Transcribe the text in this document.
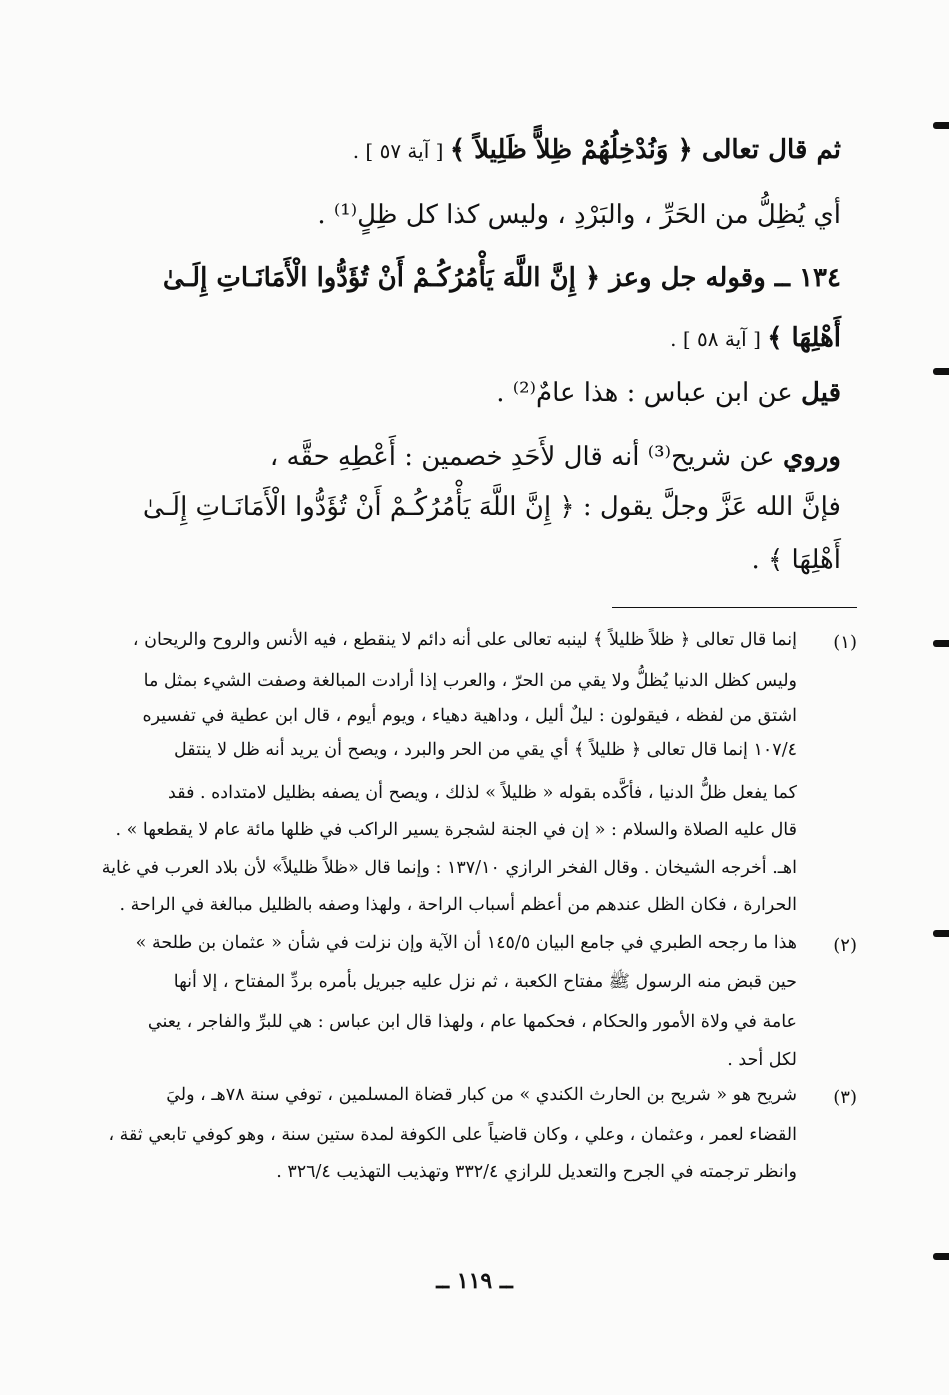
ثم قال تعالى ﴿ وَنُدْخِلُهُمْ ظِلاًّ ظَلِيلاً ﴾ [ آية ٥٧ ] .
أي يُظِلُّ من الحَرِّ ، والبَرْدِ ، وليس كذا كل ظِلٍ⁽¹⁾ .
١٣٤ ــ وقوله جل وعز ﴿ إِنَّ اللَّهَ يَأْمُرُكُـمْ أَنْ تُؤَدُّوا الْأَمَانَـاتِ إِلَـىٰ
أَهْلِهَا ﴾ [ آية ٥٨ ] .
قيل عن ابن عباس : هذا عامٌ⁽²⁾ .
وروي عن شريح⁽³⁾ أنه قال لأَحَدِ خصمين : أَعْطِهِ حقَّه ،
فإنَّ الله عَزَّ وجلَّ يقول : ﴿ إِنَّ اللَّهَ يَأْمُرُكُـمْ أَنْ تُؤَدُّوا الْأَمَانَـاتِ إِلَـىٰ
أَهْلِهَا ﴾ .
(١)
إنما قال تعالى ﴿ ظلاً ظليلاً ﴾ لينبه تعالى على أنه دائم لا ينقطع ، فيه الأنس والروح والريحان ،
وليس كظل الدنيا يُظلُّ ولا يقي من الحرّ ، والعرب إذا أرادت المبالغة وصفت الشيء بمثل ما
اشتق من لفظه ، فيقولون : ليلٌ أليل ، وداهية دهياء ، ويوم أيوم ، قال ابن عطية في تفسيره
١٠٧/٤ إنما قال تعالى ﴿ ظليلاً ﴾ أي يقي من الحر والبرد ، ويصح أن يريد أنه ظل لا ينتقل
كما يفعل ظلُّ الدنيا ، فأكَّده بقوله « ظليلاً » لذلك ، ويصح أن يصفه بظليل لامتداده . فقد
قال عليه الصلاة والسلام : « إن في الجنة لشجرة يسير الراكب في ظلها مائة عام لا يقطعها » .
اهـ. أخرجه الشيخان . وقال الفخر الرازي ١٣٧/١٠ : وإنما قال «ظلاً ظليلاً» لأن بلاد العرب في غاية
الحرارة ، فكان الظل عندهم من أعظم أسباب الراحة ، ولهذا وصفه بالظليل مبالغة في الراحة .
(٢)
هذا ما رجحه الطبري في جامع البيان ١٤٥/٥ أن الآية وإن نزلت في شأن « عثمان بن طلحة »
حين قبض منه الرسول ﷺ مفتاح الكعبة ، ثم نزل عليه جبريل بأمره بردِّ المفتاح ، إلا أنها
عامة في ولاة الأمور والحكام ، فحكمها عام ، ولهذا قال ابن عباس : هي للبرِّ والفاجر ، يعني
لكل أحد .
(٣)
شريح هو « شريح بن الحارث الكندي » من كبار قضاة المسلمين ، توفي سنة ٧٨هـ ، وليَ
القضاء لعمر ، وعثمان ، وعلي ، وكان قاضياً على الكوفة لمدة ستين سنة ، وهو كوفي تابعي ثقة ،
وانظر ترجمته في الجرح والتعديل للرازي ٣٣٢/٤ وتهذيب التهذيب ٣٢٦/٤ .
ــ ١١٩ ــ
